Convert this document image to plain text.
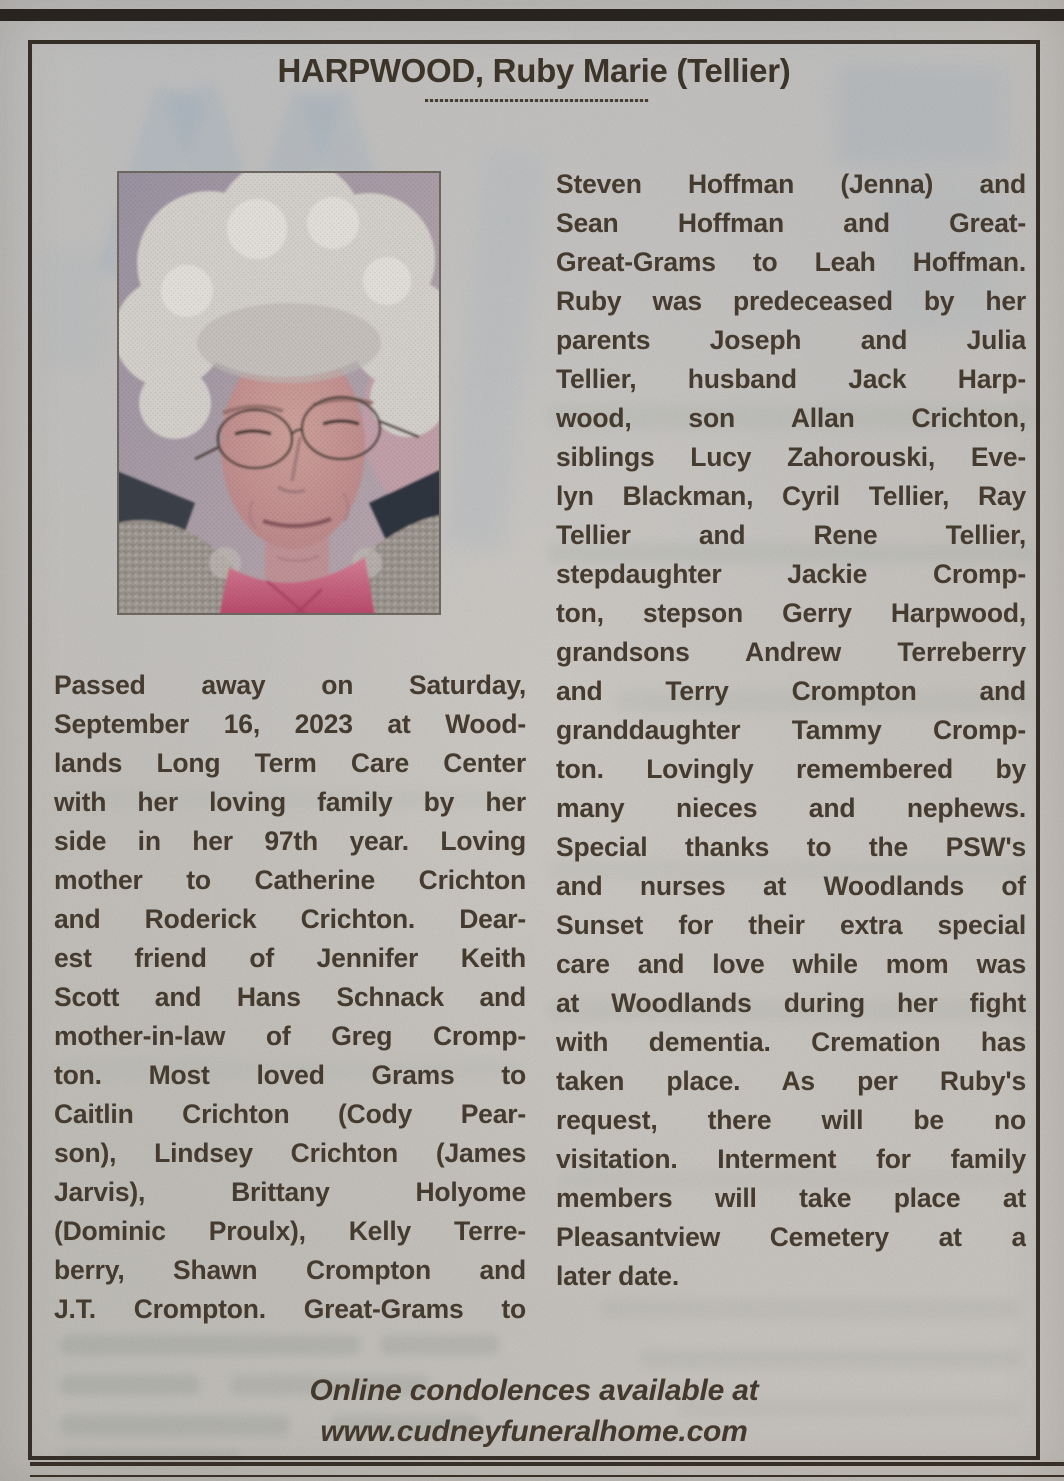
HARPWOOD, Ruby Marie (Tellier)
Passed away on Saturday,
September 16, 2023 at Wood-
lands Long Term Care Center
with her loving family by her
side in her 97th year. Loving
mother to Catherine Crichton
and Roderick Crichton. Dear-
est friend of Jennifer Keith
Scott and Hans Schnack and
mother-in-law of Greg Cromp-
ton. Most loved Grams to
Caitlin Crichton (Cody Pear-
son), Lindsey Crichton (James
Jarvis), Brittany Holyome
(Dominic Proulx), Kelly Terre-
berry, Shawn Crompton and
J.T. Crompton. Great-Grams to
Steven Hoffman (Jenna) and
Sean Hoffman and Great-
Great-Grams to Leah Hoffman.
Ruby was predeceased by her
parents Joseph and Julia
Tellier, husband Jack Harp-
wood, son Allan Crichton,
siblings Lucy Zahorouski, Eve-
lyn Blackman, Cyril Tellier, Ray
Tellier and Rene Tellier,
stepdaughter Jackie Cromp-
ton, stepson Gerry Harpwood,
grandsons Andrew Terreberry
and Terry Crompton and
granddaughter Tammy Cromp-
ton. Lovingly remembered by
many nieces and nephews.
Special thanks to the PSW's
and nurses at Woodlands of
Sunset for their extra special
care and love while mom was
at Woodlands during her fight
with dementia. Cremation has
taken place. As per Ruby's
request, there will be no
visitation. Interment for family
members will take place at
Pleasantview Cemetery at a
later date.
Online condolences available at
www.cudneyfuneralhome.com
